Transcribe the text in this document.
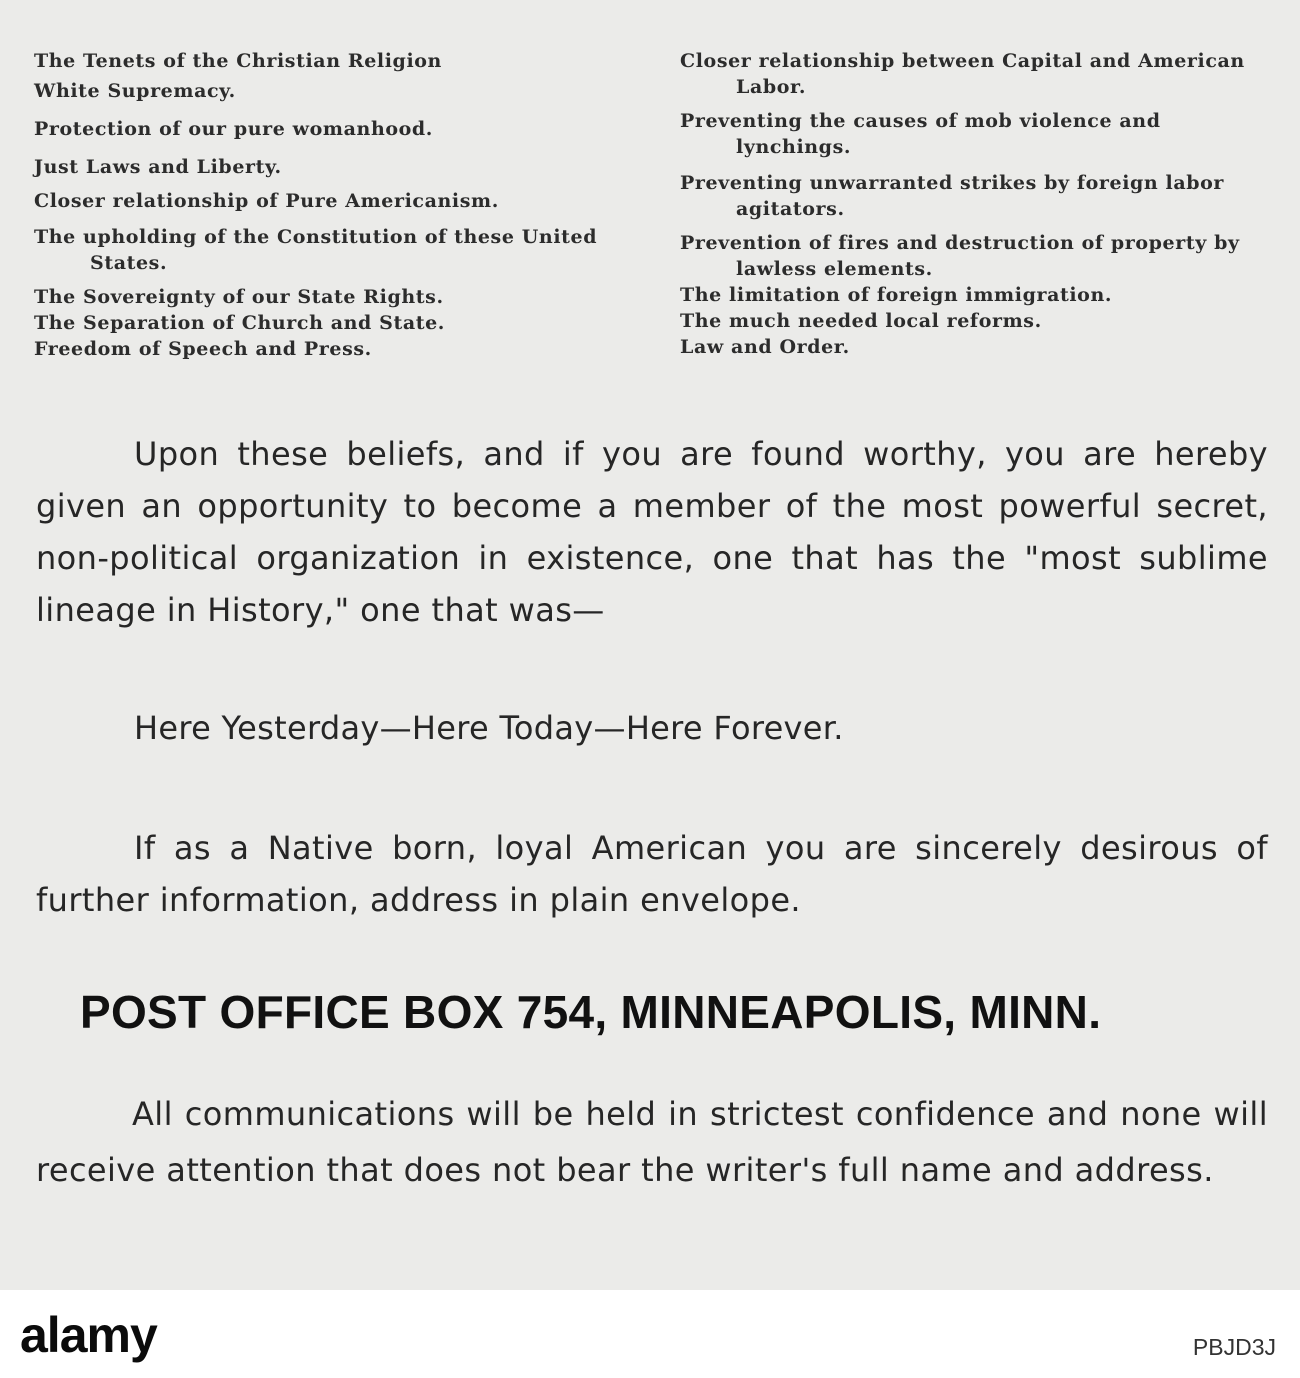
The Tenets of the Christian Religion
White Supremacy.
Protection of our pure womanhood.
Just Laws and Liberty.
Closer relationship of Pure Americanism.
The upholding of the Constitution of these United States.
The Sovereignty of our State Rights.
The Separation of Church and State.
Freedom of Speech and Press.
Closer relationship between Capital and American Labor.
Preventing the causes of mob violence and lynchings.
Preventing unwarranted strikes by foreign labor agitators.
Prevention of fires and destruction of property by lawless elements.
The limitation of foreign immigration.
The much needed local reforms.
Law and Order.

Upon these beliefs, and if you are found worthy, you are hereby given an opportunity to become a member of the most powerful secret, non-political organization in existence, one that has the "most sublime lineage in History," one that was—

Here Yesterday—Here Today—Here Forever.

If as a Native born, loyal American you are sincerely desirous of further information, address in plain envelope.

POST OFFICE BOX 754, MINNEAPOLIS, MINN.

All communications will be held in strictest confidence and none will receive attention that does not bear the writer's full name and address.

alamy	PBJD3J
